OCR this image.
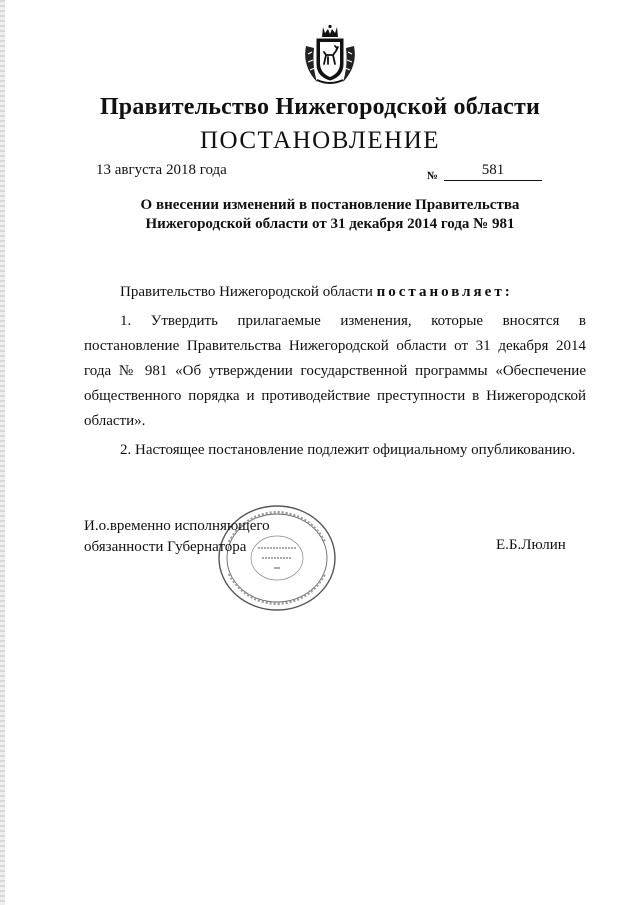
Правительство Нижегородской области
ПОСТАНОВЛЕНИЕ
13 августа 2018 года	№	581
О внесении изменений в постановление Правительства
Нижегородской области от 31 декабря 2014 года № 981
Правительство Нижегородской области постановляет:
1. Утвердить прилагаемые изменения, которые вносятся в постановление Правительства Нижегородской области от 31 декабря 2014 года № 981 «Об утверждении государственной программы «Обеспечение общественного порядка и противодействие преступности в Нижегородской области».
2. Настоящее постановление подлежит официальному опубликованию.
И.о.временно исполняющего
обязанности Губернатора	Е.Б.Люлин
